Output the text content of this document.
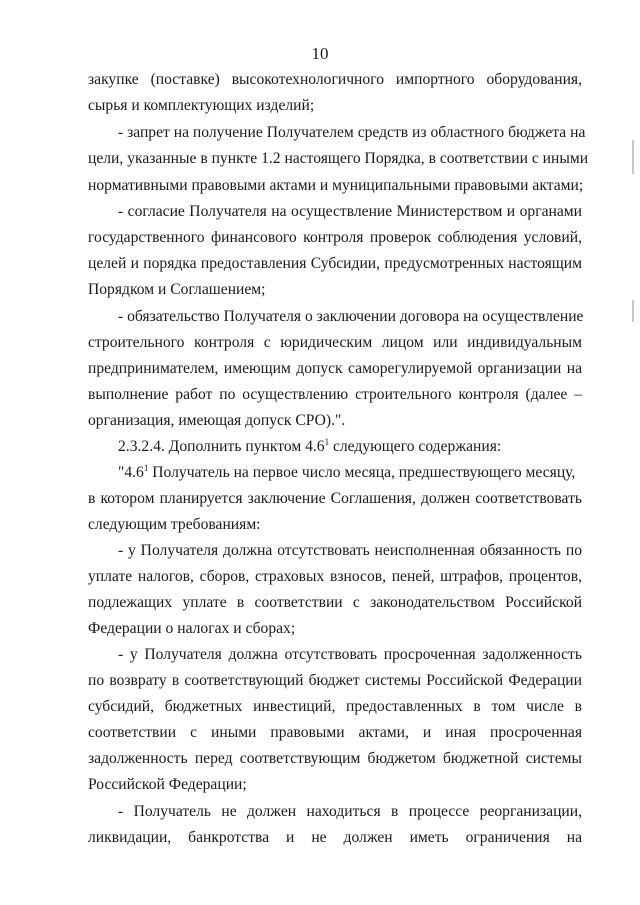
10
закупке (поставке) высокотехнологичного импортного оборудования,
сырья и комплектующих изделий;
- запрет на получение Получателем средств из областного бюджета на
цели, указанные в пункте 1.2 настоящего Порядка, в соответствии с иными
нормативными правовыми актами и муниципальными правовыми актами;
- согласие Получателя на осуществление Министерством и органами
государственного финансового контроля проверок соблюдения условий,
целей и порядка предоставления Субсидии, предусмотренных настоящим
Порядком и Соглашением;
- обязательство Получателя о заключении договора на осуществление
строительного контроля с юридическим лицом или индивидуальным
предпринимателем, имеющим допуск саморегулируемой организации на
выполнение работ по осуществлению строительного контроля (далее –
организация, имеющая допуск СРО).".
2.3.2.4. Дополнить пунктом $4.6^1$ следующего содержания:
"$4.6^1$ Получатель на первое число месяца, предшествующего месяцу,
в котором планируется заключение Соглашения, должен соответствовать
следующим требованиям:
- у Получателя должна отсутствовать неисполненная обязанность по
уплате налогов, сборов, страховых взносов, пеней, штрафов, процентов,
подлежащих уплате в соответствии с законодательством Российской
Федерации о налогах и сборах;
- у Получателя должна отсутствовать просроченная задолженность
по возврату в соответствующий бюджет системы Российской Федерации
субсидий, бюджетных инвестиций, предоставленных в том числе в
соответствии с иными правовыми актами, и иная просроченная
задолженность перед соответствующим бюджетом бюджетной системы
Российской Федерации;
- Получатель не должен находиться в процессе реорганизации,
ликвидации, банкротства и не должен иметь ограничения на
